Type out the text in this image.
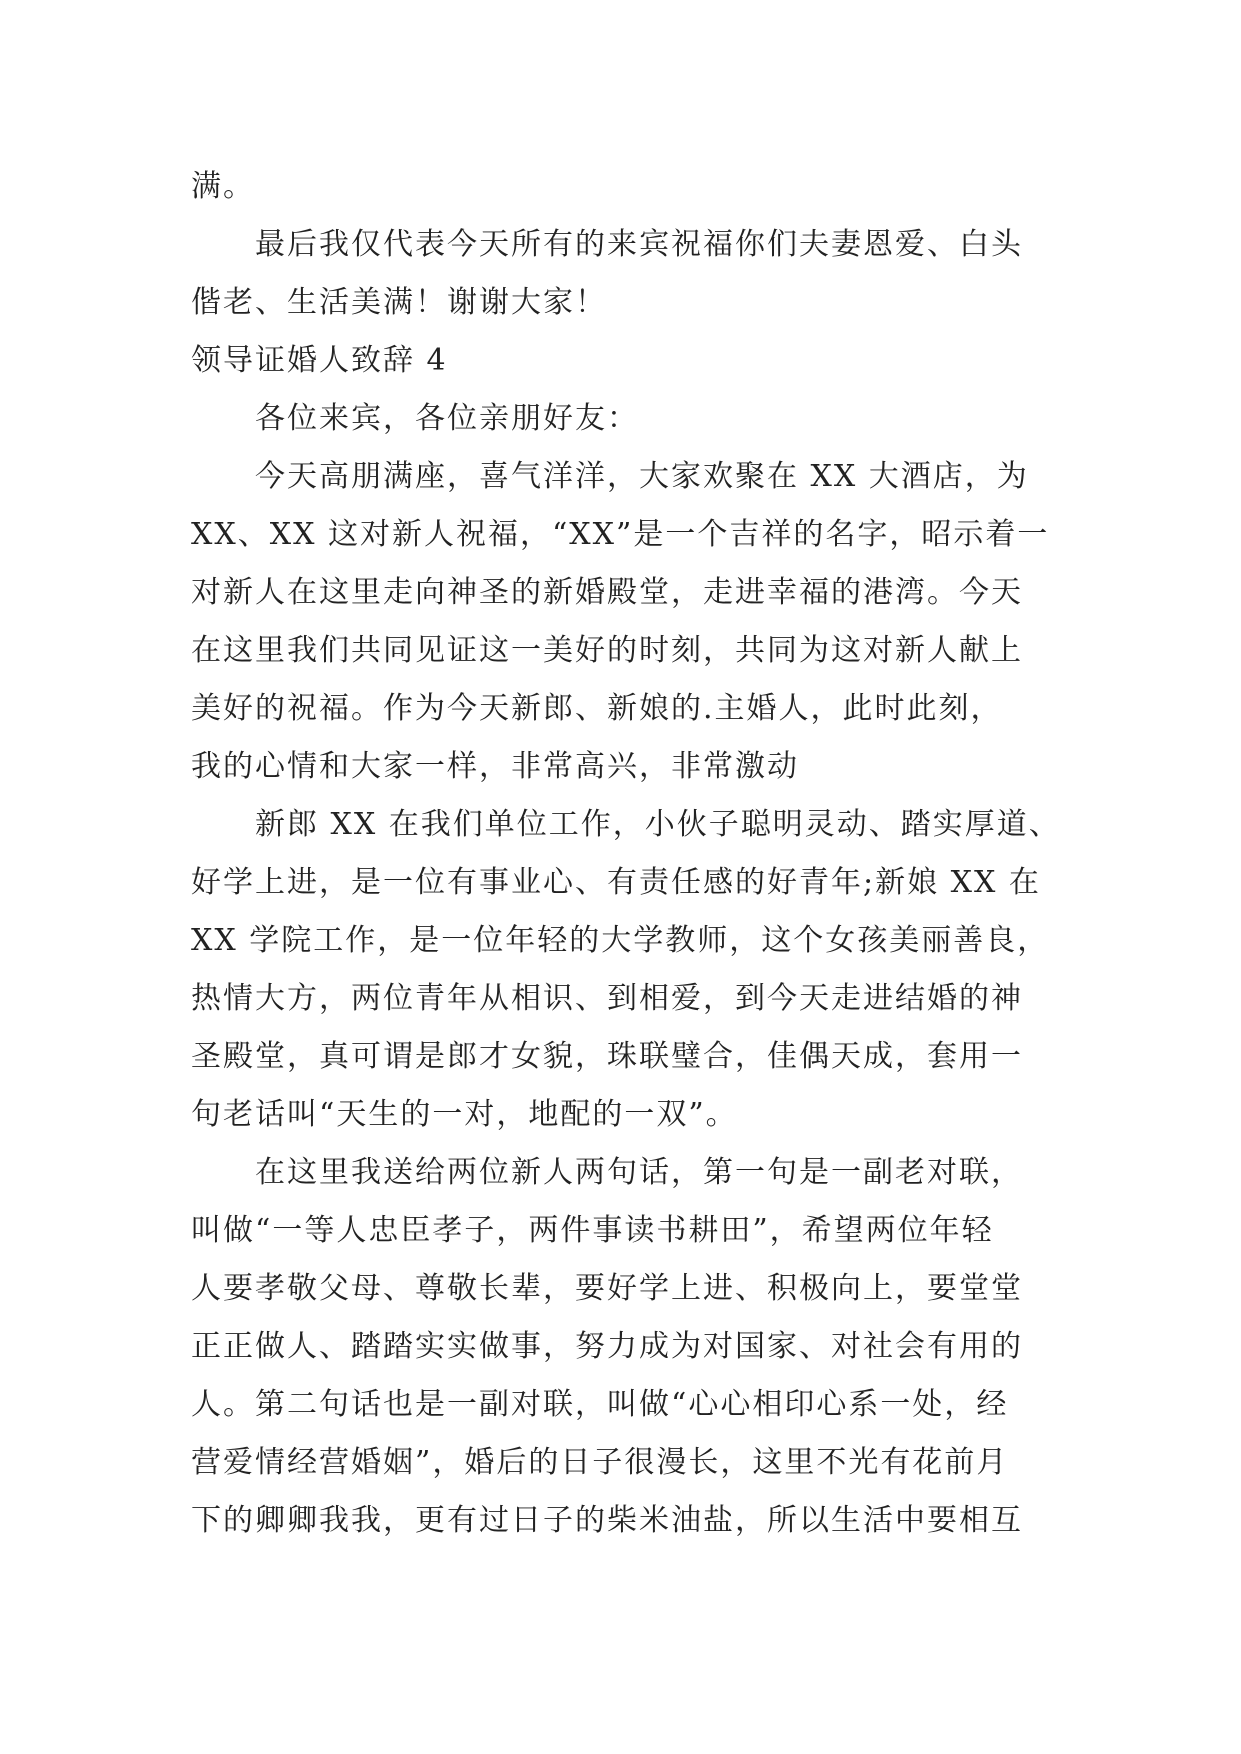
满。

最后我仅代表今天所有的来宾祝福你们夫妻恩爱、白头
偕老、生活美满！谢谢大家！

领导证婚人致辞 4

各位来宾，各位亲朋好友：

今天高朋满座，喜气洋洋，大家欢聚在 XX 大酒店，为
XX、XX 这对新人祝福，“XX”是一个吉祥的名字，昭示着一
对新人在这里走向神圣的新婚殿堂，走进幸福的港湾。今天
在这里我们共同见证这一美好的时刻，共同为这对新人献上
美好的祝福。作为今天新郎、新娘的.主婚人，此时此刻，
我的心情和大家一样，非常高兴，非常激动

新郎 XX 在我们单位工作，小伙子聪明灵动、踏实厚道、
好学上进，是一位有事业心、有责任感的好青年;新娘 XX 在
XX 学院工作，是一位年轻的大学教师，这个女孩美丽善良，
热情大方，两位青年从相识、到相爱，到今天走进结婚的神
圣殿堂，真可谓是郎才女貌，珠联璧合，佳偶天成，套用一
句老话叫“天生的一对，地配的一双”。

在这里我送给两位新人两句话，第一句是一副老对联，
叫做“一等人忠臣孝子，两件事读书耕田”，希望两位年轻
人要孝敬父母、尊敬长辈，要好学上进、积极向上，要堂堂
正正做人、踏踏实实做事，努力成为对国家、对社会有用的
人。第二句话也是一副对联，叫做“心心相印心系一处，经
营爱情经营婚姻”，婚后的日子很漫长，这里不光有花前月
下的卿卿我我，更有过日子的柴米油盐，所以生活中要相互
